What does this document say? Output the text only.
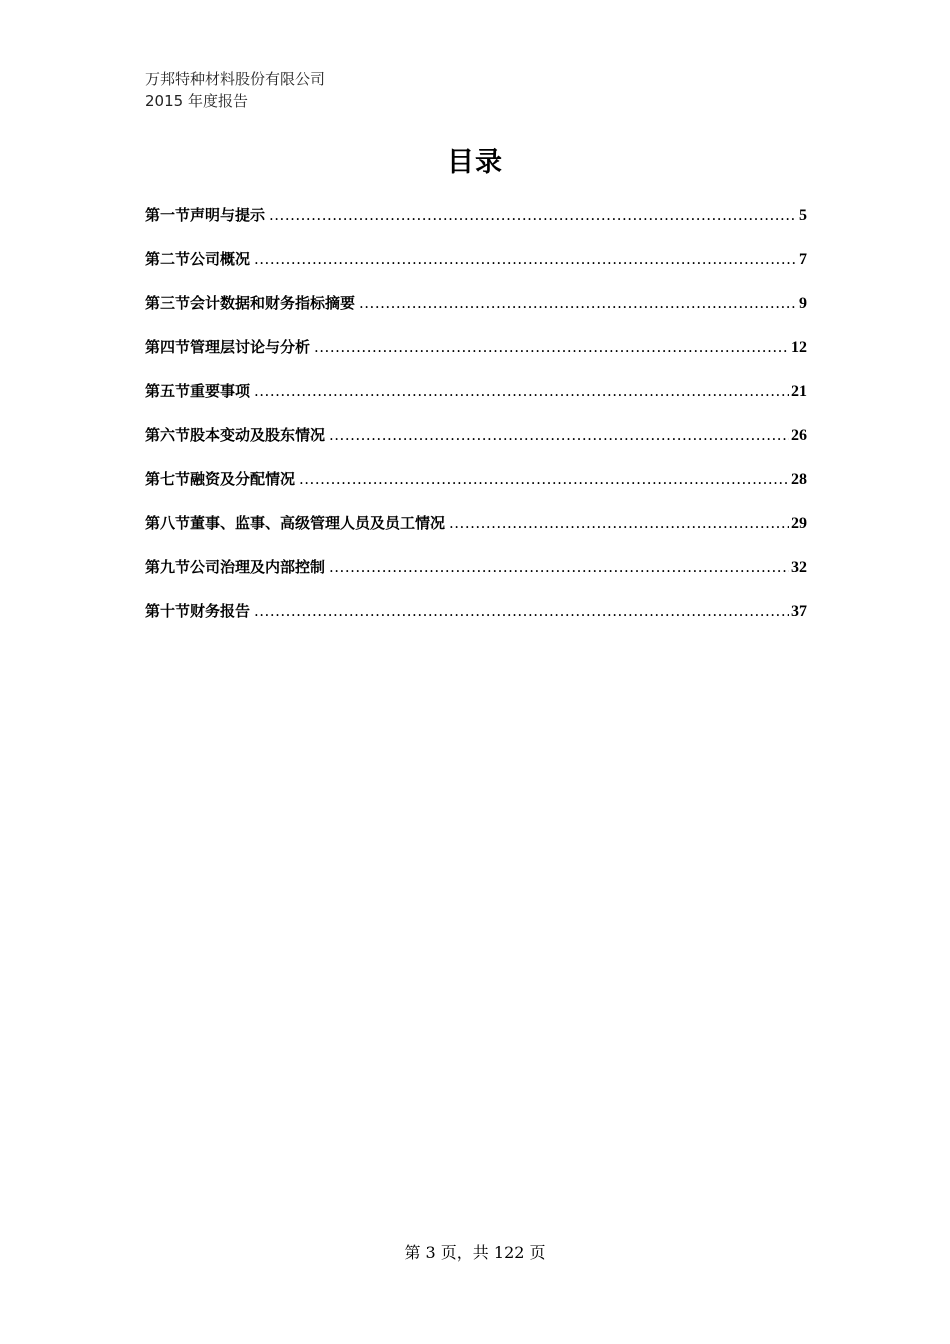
万邦特种材料股份有限公司
2015 年度报告
目录
第一节声明与提示 .....	5
第二节公司概况 .....	7
第三节会计数据和财务指标摘要 .....	9
第四节管理层讨论与分析 .....	12
第五节重要事项 .....	21
第六节股本变动及股东情况 .....	26
第七节融资及分配情况 .....	28
第八节董事、监事、高级管理人员及员工情况 .....	29
第九节公司治理及内部控制 .....	32
第十节财务报告 .....	37
第 3 页，共 122 页
